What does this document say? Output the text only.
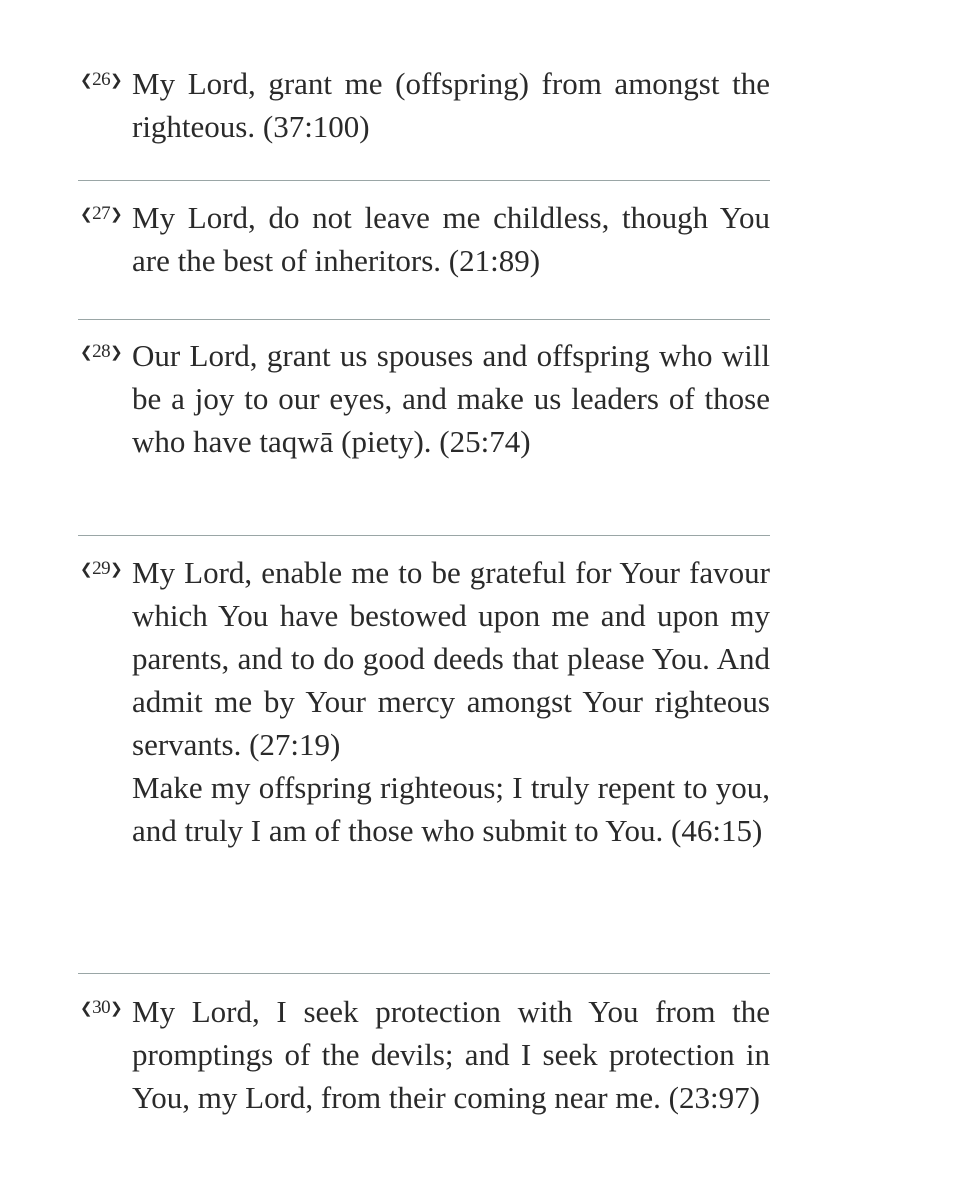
❮26❯ My Lord, grant me (offspring) from amongst the righteous. (37:100)

❮27❯ My Lord, do not leave me childless, though You are the best of inheritors. (21:89)

❮28❯ Our Lord, grant us spouses and offspring who will be a joy to our eyes, and make us leaders of those who have taqwā (piety). (25:74)

❮29❯ My Lord, enable me to be grateful for Your favour which You have bestowed upon me and upon my parents, and to do good deeds that please You. And admit me by Your mercy amongst Your righteous servants. (27:19)

Make my offspring righteous; I truly repent to you, and truly I am of those who submit to You. (46:15)

❮30❯ My Lord, I seek protection with You from the promptings of the devils; and I seek protection in You, my Lord, from their coming near me. (23:97)
